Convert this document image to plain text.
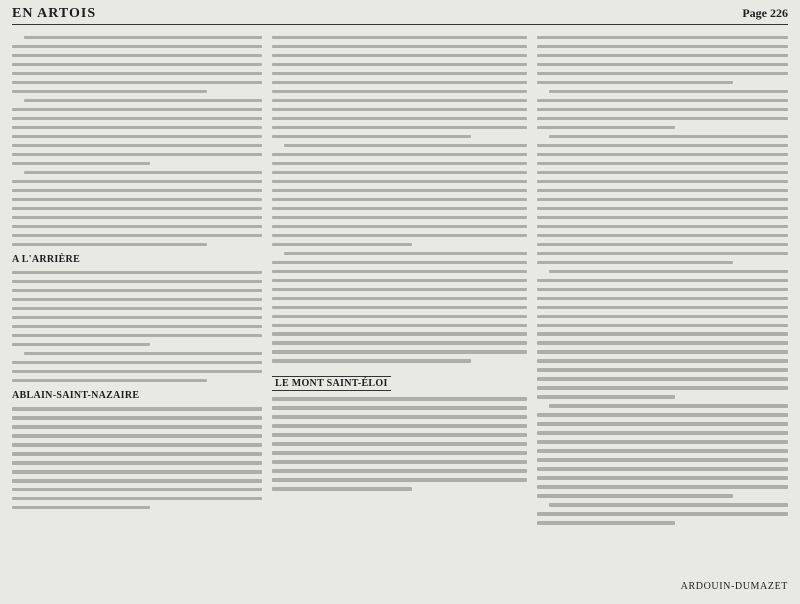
EN ARTOIS	Page 226
A L'ARRIÈRE
ABLAIN-SAINT-NAZAIRE
LE MONT SAINT-ÉLOI
ARDOUIN-DUMAZET
